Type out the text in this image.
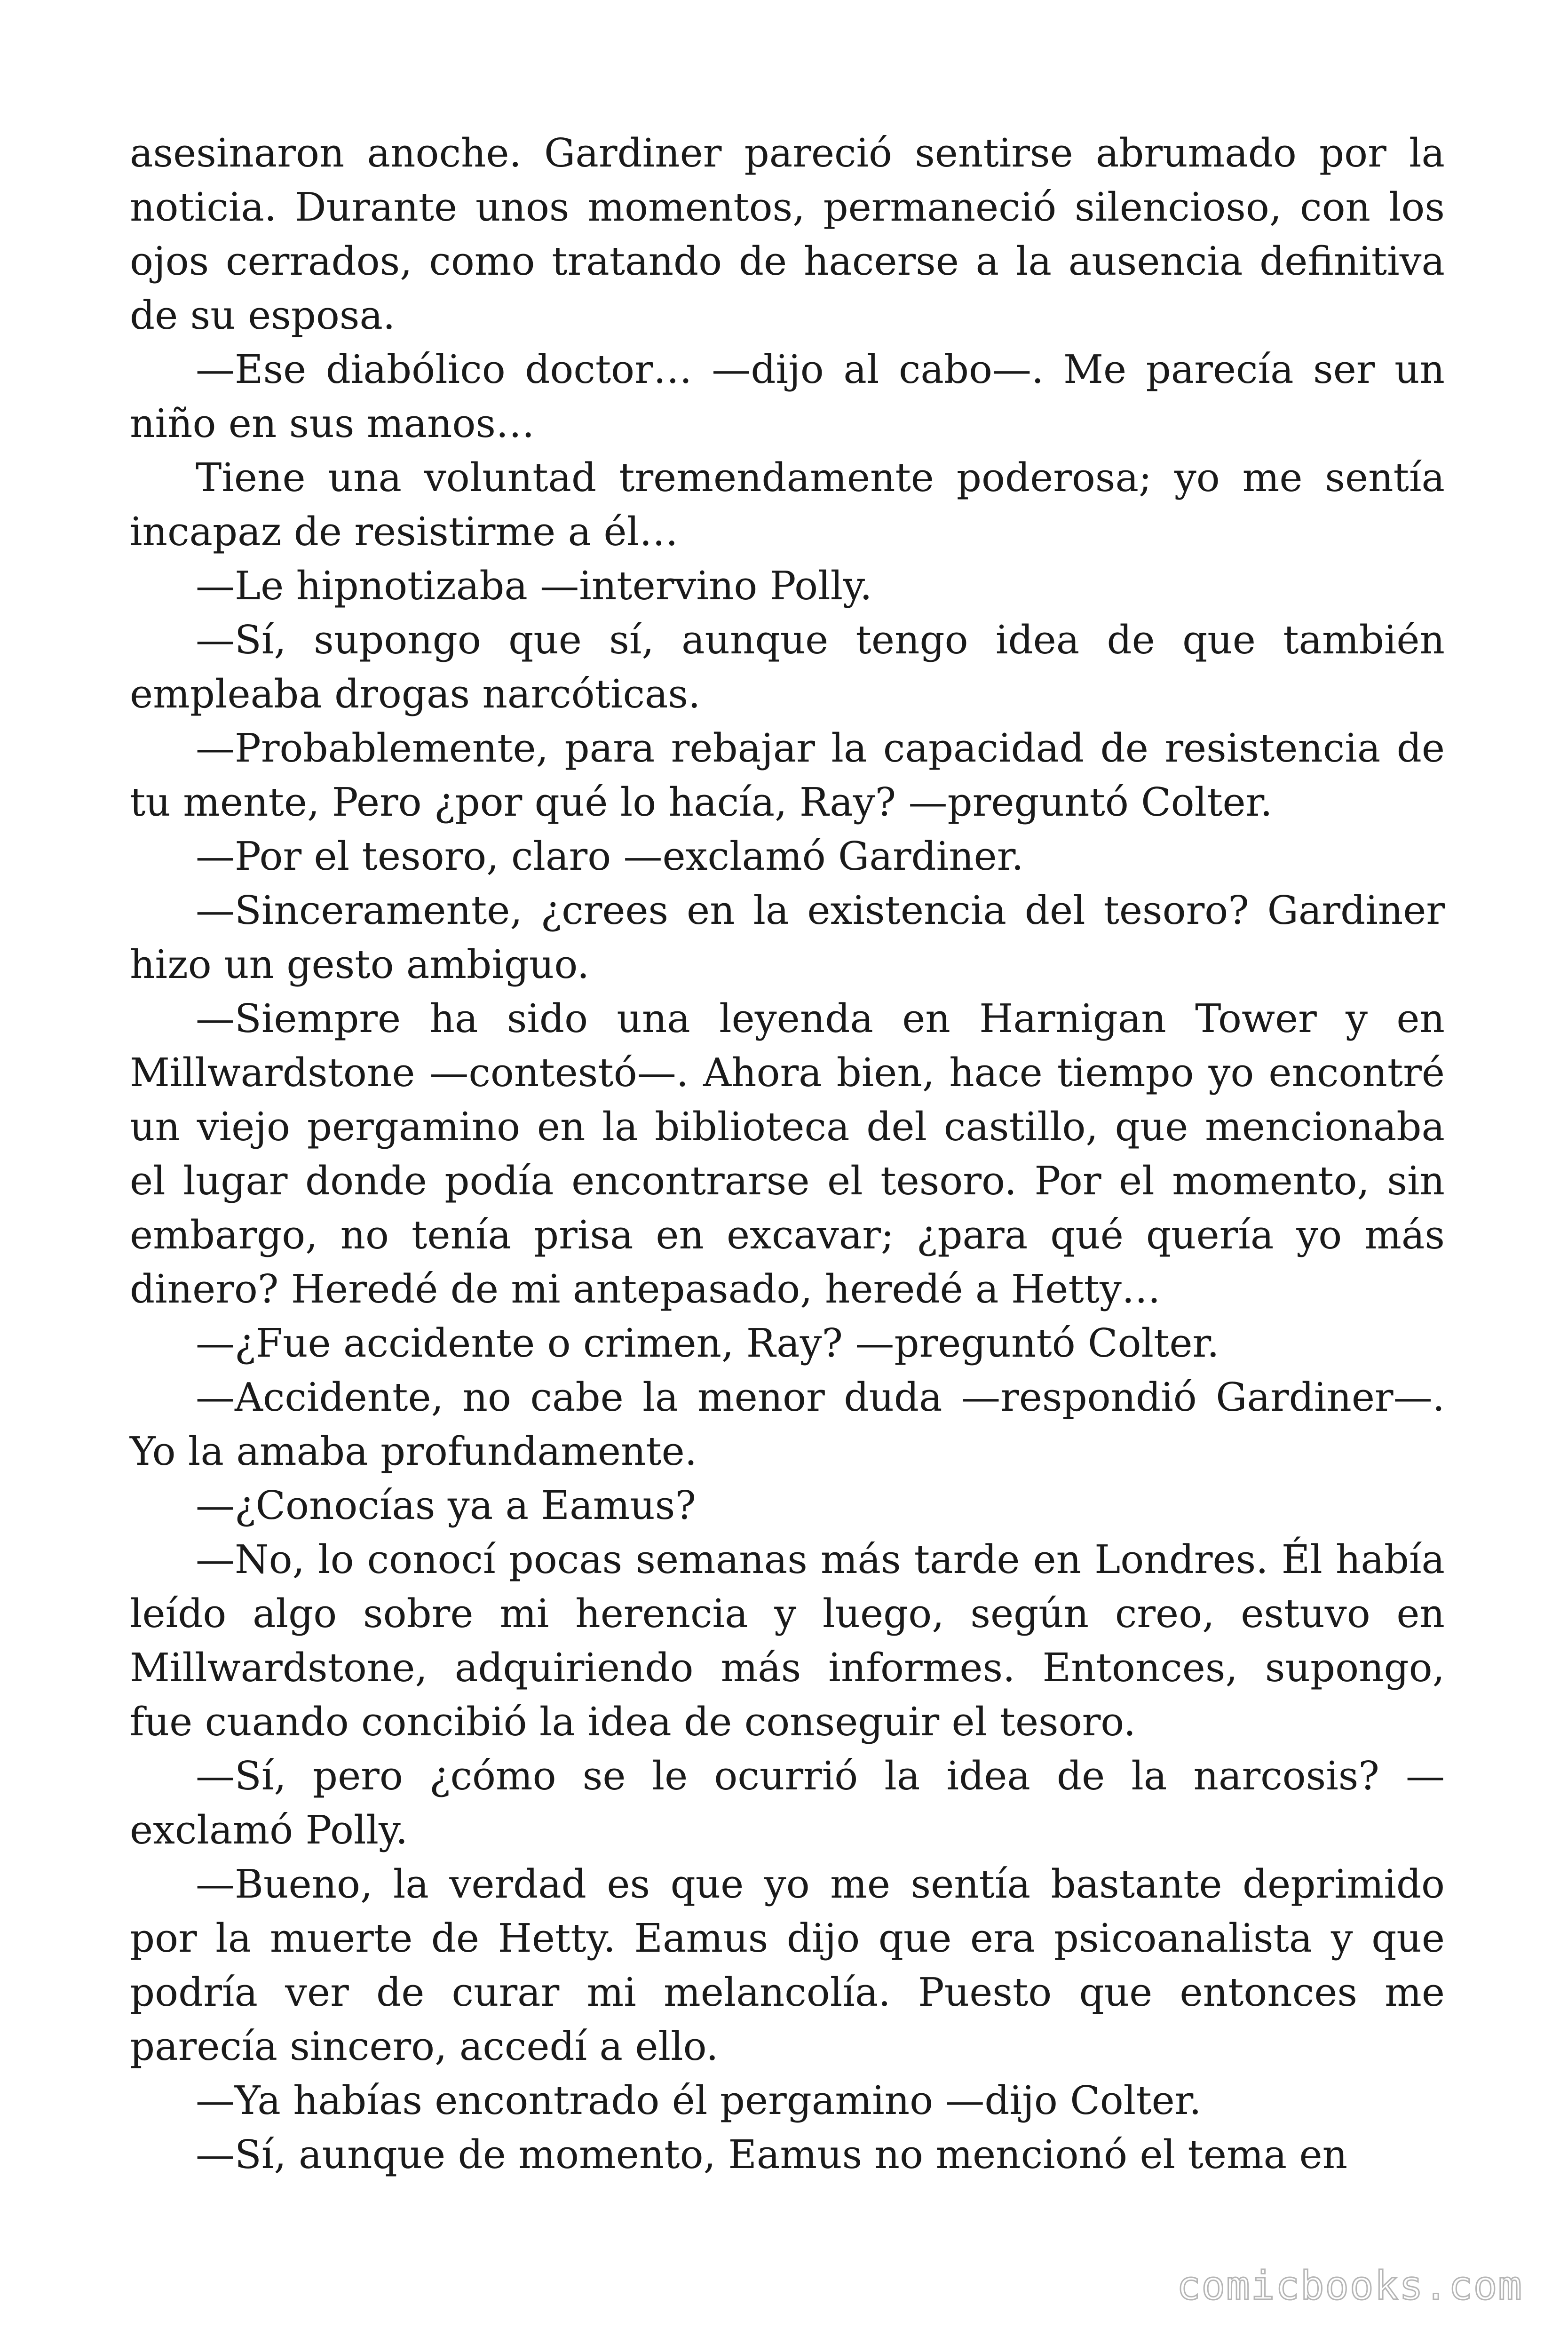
asesinaron anoche. Gardiner pareció sentirse abrumado por la noticia. Durante unos momentos, permaneció silencioso, con los ojos cerrados, como tratando de hacerse a la ausencia definitiva de su esposa.

—Ese diabólico doctor… —dijo al cabo—. Me parecía ser un niño en sus manos…

Tiene una voluntad tremendamente poderosa; yo me sentía incapaz de resistirme a él…

—Le hipnotizaba —intervino Polly.

—Sí, supongo que sí, aunque tengo idea de que también empleaba drogas narcóticas.

—Probablemente, para rebajar la capacidad de resistencia de tu mente, Pero ¿por qué lo hacía, Ray? —preguntó Colter.

—Por el tesoro, claro —exclamó Gardiner.

—Sinceramente, ¿crees en la existencia del tesoro? Gardiner hizo un gesto ambiguo.

—Siempre ha sido una leyenda en Harnigan Tower y en Millwardstone —contestó—. Ahora bien, hace tiempo yo encontré un viejo pergamino en la biblioteca del castillo, que mencionaba el lugar donde podía encontrarse el tesoro. Por el momento, sin embargo, no tenía prisa en excavar; ¿para qué quería yo más dinero? Heredé de mi antepasado, heredé a Hetty…

—¿Fue accidente o crimen, Ray? —preguntó Colter.

—Accidente, no cabe la menor duda —respondió Gardiner—. Yo la amaba profundamente.

—¿Conocías ya a Eamus?

—No, lo conocí pocas semanas más tarde en Londres. Él había leído algo sobre mi herencia y luego, según creo, estuvo en Millwardstone, adquiriendo más informes. Entonces, supongo, fue cuando concibió la idea de conseguir el tesoro.

—Sí, pero ¿cómo se le ocurrió la idea de la narcosis? —exclamó Polly.

—Bueno, la verdad es que yo me sentía bastante deprimido por la muerte de Hetty. Eamus dijo que era psicoanalista y que podría ver de curar mi melancolía. Puesto que entonces me parecía sincero, accedí a ello.

—Ya habías encontrado él pergamino —dijo Colter.

—Sí, aunque de momento, Eamus no mencionó el tema en

comicbooks.com
